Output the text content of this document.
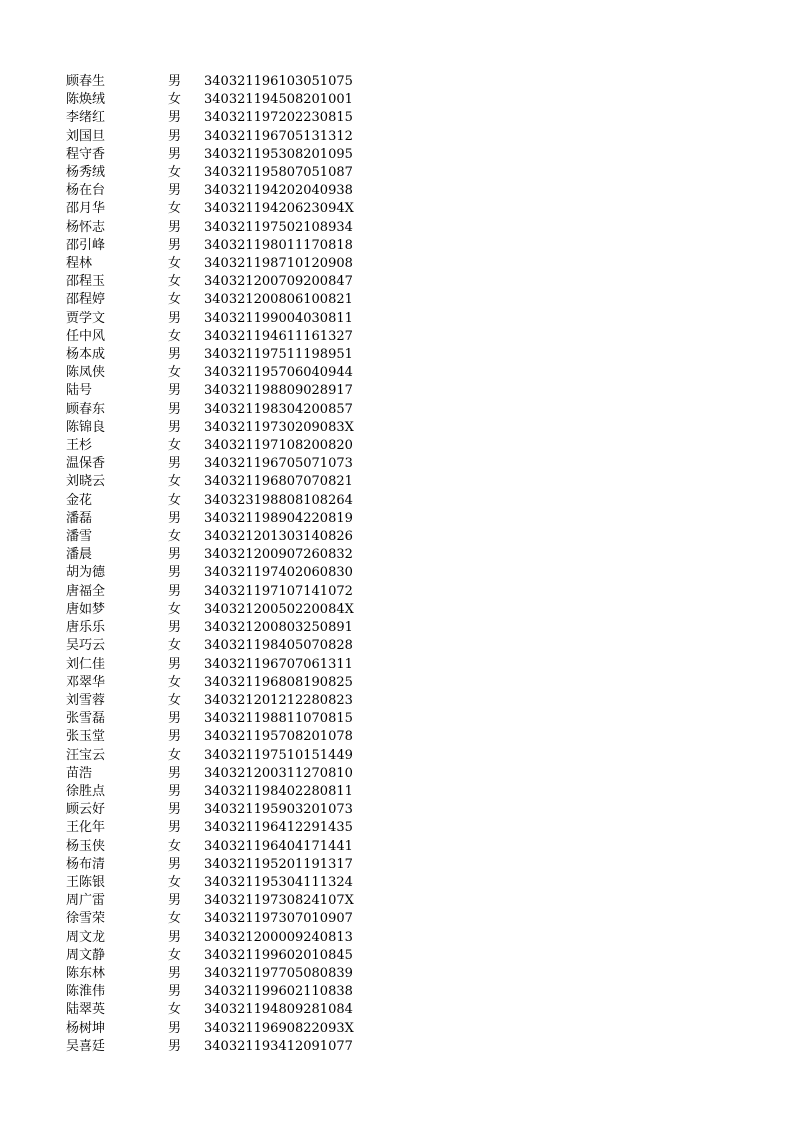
顾春生	男	340321196103051075
陈焕绒	女	340321194508201001
李绪红	男	340321197202230815
刘国旦	男	340321196705131312
程守香	男	340321195308201095
杨秀绒	女	340321195807051087
杨在台	男	340321194202040938
邵月华	女	34032119420623094X
杨怀志	男	340321197502108934
邵引峰	男	340321198011170818
程林	女	340321198710120908
邵程玉	女	340321200709200847
邵程婷	女	340321200806100821
贾学文	男	340321199004030811
任中风	女	340321194611161327
杨本成	男	340321197511198951
陈凤侠	女	340321195706040944
陆号	男	340321198809028917
顾春东	男	340321198304200857
陈锦良	男	34032119730209083X
王杉	女	340321197108200820
温保香	男	340321196705071073
刘晓云	女	340321196807070821
金花	女	340323198808108264
潘磊	男	340321198904220819
潘雪	女	340321201303140826
潘晨	男	340321200907260832
胡为德	男	340321197402060830
唐福全	男	340321197107141072
唐如梦	女	34032120050220084X
唐乐乐	男	340321200803250891
吴巧云	女	340321198405070828
刘仁佳	男	340321196707061311
邓翠华	女	340321196808190825
刘雪蓉	女	340321201212280823
张雪磊	男	340321198811070815
张玉堂	男	340321195708201078
汪宝云	女	340321197510151449
苗浩	男	340321200311270810
徐胜点	男	340321198402280811
顾云好	男	340321195903201073
王化年	男	340321196412291435
杨玉侠	女	340321196404171441
杨布清	男	340321195201191317
王陈银	女	340321195304111324
周广雷	男	34032119730824107X
徐雪荣	女	340321197307010907
周文龙	男	340321200009240813
周文静	女	340321199602010845
陈东林	男	340321197705080839
陈淮伟	男	340321199602110838
陆翠英	女	340321194809281084
杨树坤	男	34032119690822093X
吴喜廷	男	340321193412091077
